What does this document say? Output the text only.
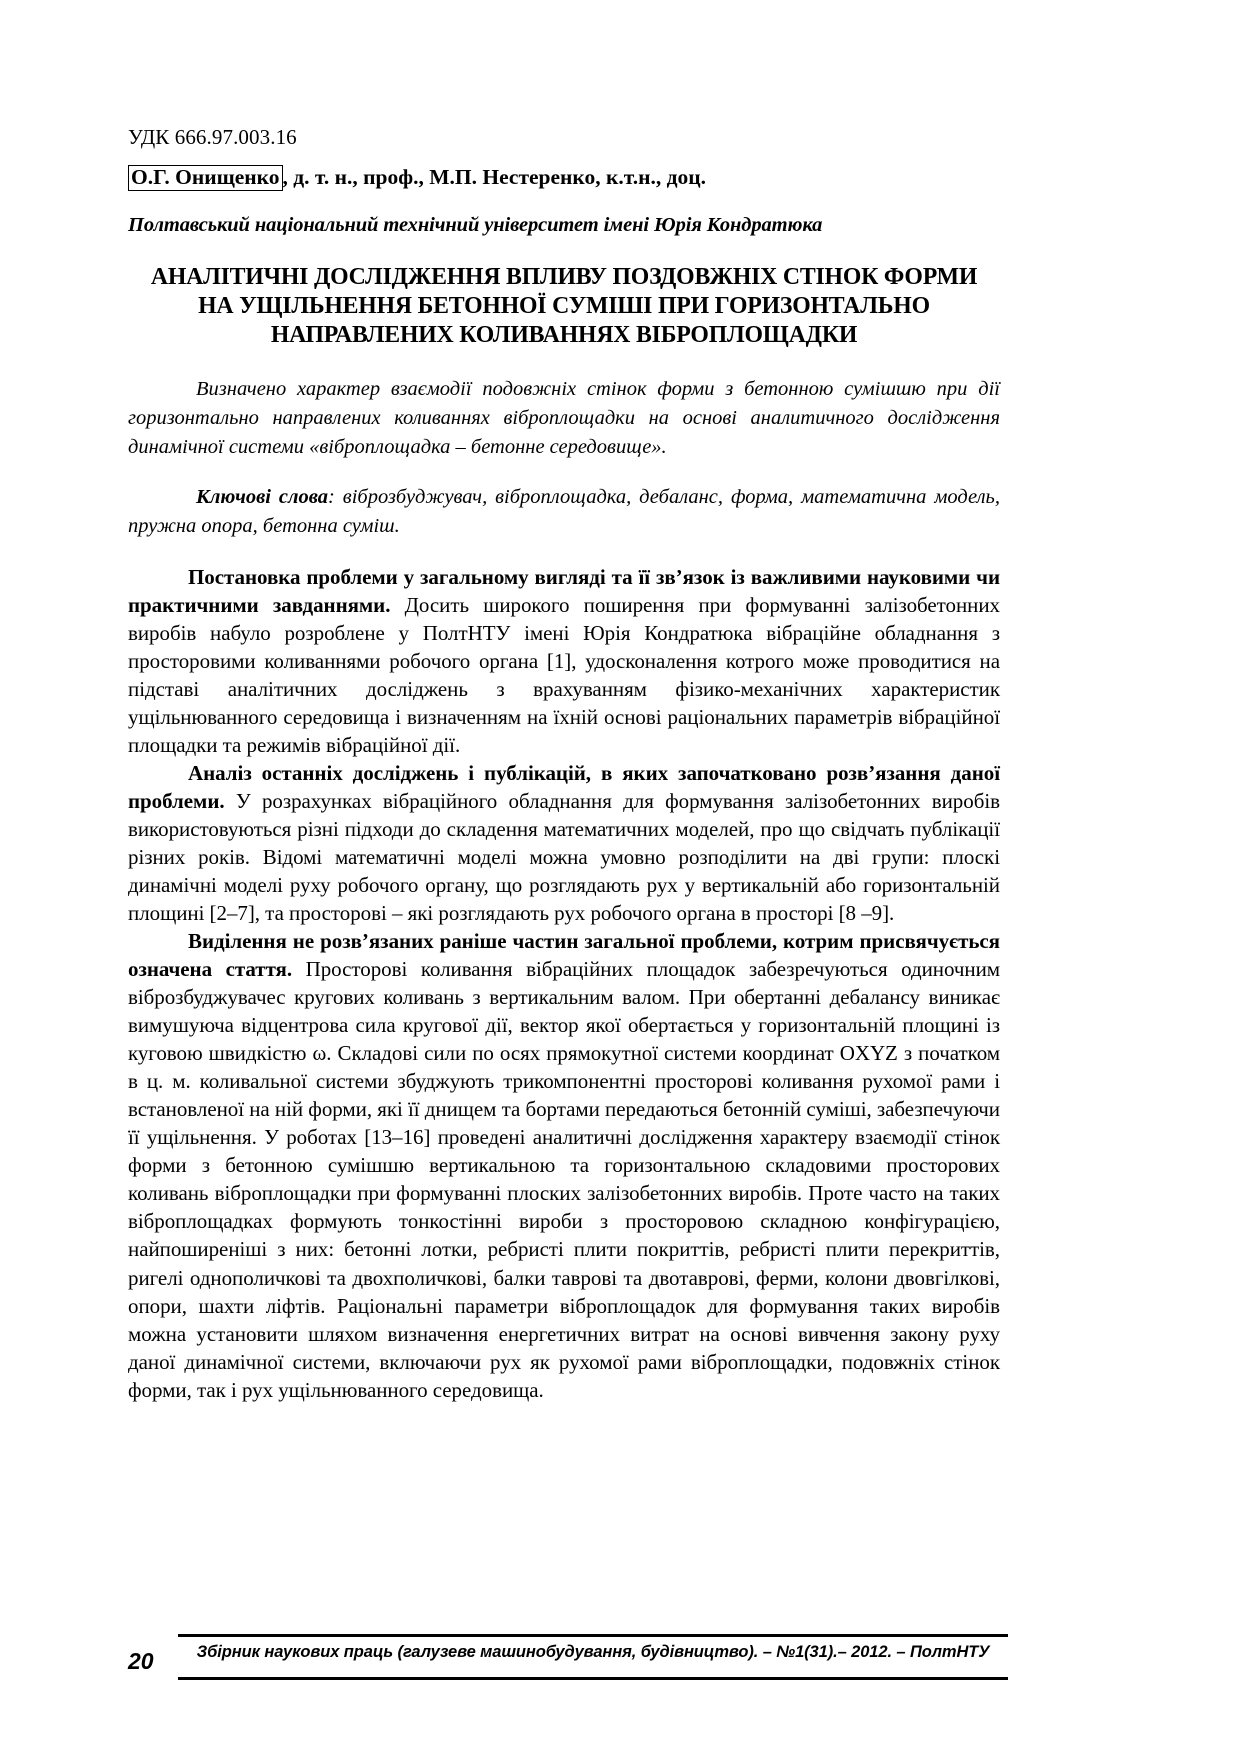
УДК 666.97.003.16
О.Г. Онищенко , д. т. н., проф., М.П. Нестеренко, к.т.н., доц.
Полтавський національний технічний університет імені Юрія Кондратюка
АНАЛІТИЧНІ ДОСЛІДЖЕННЯ ВПЛИВУ ПОЗДОВЖНІХ СТІНОК ФОРМИ НА УЩІЛЬНЕННЯ БЕТОННОЇ СУМІШІ ПРИ ГОРИЗОНТАЛЬНО НАПРАВЛЕНИХ КОЛИВАННЯХ ВІБРОПЛОЩАДКИ
Визначено характер взаємодії подовжніх стінок форми з бетонною сумішшю при дії горизонтально направлених коливаннях віброплощадки на основі аналитичного дослідження динамічної системи «віброплощадка – бетонне середовище».
Ключові слова: віброзбуджувач, віброплощадка, дебаланс, форма, математична модель, пружна опора, бетонна суміш.

Постановка проблеми у загальному вигляді та її зв’язок із важливими науковими чи практичними завданнями. Досить широкого поширення при формуванні залізобетонних виробів набуло розроблене у ПолтНТУ імені Юрія Кондратюка вібраційне обладнання з просторовими коливаннями робочого органа [1], удосконалення котрого може проводитися на підставі аналітичних досліджень з врахуванням фізико-механічних характеристик ущільнюванного середовища і визначенням на їхній основі раціональних параметрів вібраційної площадки та режимів вібраційної дії.

Аналіз останніх досліджень і публікацій, в яких започатковано розв’язання даної проблеми. У розрахунках вібраційного обладнання для формування залізобетонних виробів використовуються різні підходи до складення математичних моделей, про що свідчать публікації різних років. Відомі математичні моделі можна умовно розподілити на дві групи: плоскі динамічні моделі руху робочого органу, що розглядають рух у вертикальній або горизонтальній площині [2–7], та просторові – які розглядають рух робочого органа в просторі [8 –9].

Виділення не розв’язаних раніше частин загальної проблеми, котрим присвячується означена стаття. Просторові коливання вібраційних площадок забезречуються одиночним віброзбуджувачес кругових коливань з вертикальним валом. При обертанні дебалансу виникає вимушуюча відцентрова сила кругової дії, вектор якої обертається у горизонтальній площині із куговою швидкістю ω. Складові сили по осях прямокутної системи координат OXYZ з початком в ц. м. коливальної системи збуджують трикомпонентні просторові коливання рухомої рами і встановленої на ній форми, які її днищем та бортами передаються бетонній суміші, забезпечуючи її ущільнення. У роботах [13–16] проведені аналитичні дослідження характеру взаємодії стінок форми з бетонною сумішшю вертикальною та горизонтальною складовими просторових коливань віброплощадки при формуванні плоских залізобетонних виробів. Проте часто на таких віброплощадках формують тонкостінні вироби з просторовою складною конфігурацією, найпоширеніші з них: бетонні лотки, ребристі плити покриттів, ребристі плити перекриттів, ригелі однополичкові та двохполичкові, балки таврові та двотаврові, ферми, колони двовгілкові, опори, шахти ліфтів. Раціональні параметри віброплощадок для формування таких виробів можна установити шляхом визначення енергетичних витрат на основі вивчення закону руху даної динамічної системи, включаючи рух як рухомої рами віброплощадки, подовжніх стінок форми, так і рух ущільнюванного середовища.

20	Збірник наукових праць (галузеве машинобудування, будівництво). – №1(31).– 2012. – ПолтНТУ
